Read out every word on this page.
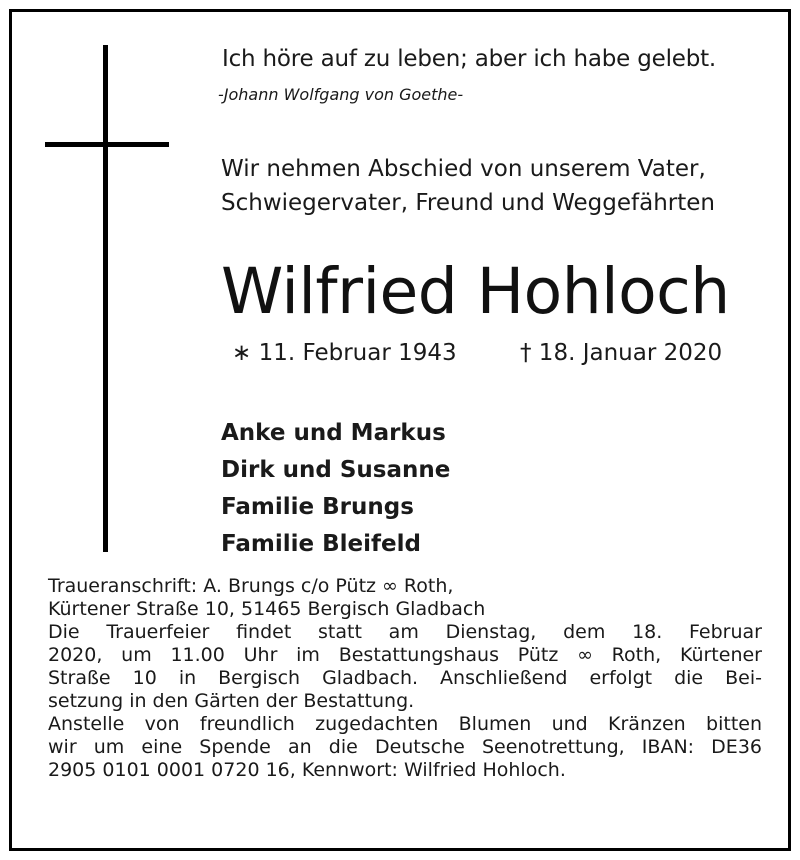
Ich höre auf zu leben; aber ich habe gelebt.
-Johann Wolfgang von Goethe-
Wir nehmen Abschied von unserem Vater,
Schwiegervater, Freund und Weggefährten
Wilfried Hohloch
∗ 11. Februar 1943	† 18. Januar 2020
Anke und Markus
Dirk und Susanne
Familie Brungs
Familie Bleifeld
Traueranschrift: A. Brungs c/o Pütz ∞ Roth,
Kürtener Straße 10, 51465 Bergisch Gladbach
Die Trauerfeier findet statt am Dienstag, dem 18. Februar
2020, um 11.00 Uhr im Bestattungshaus Pütz ∞ Roth, Kürtener
Straße 10 in Bergisch Gladbach. Anschließend erfolgt die Bei-
setzung in den Gärten der Bestattung.
Anstelle von freundlich zugedachten Blumen und Kränzen bitten
wir um eine Spende an die Deutsche Seenotrettung, IBAN: DE36
2905 0101 0001 0720 16, Kennwort: Wilfried Hohloch.
